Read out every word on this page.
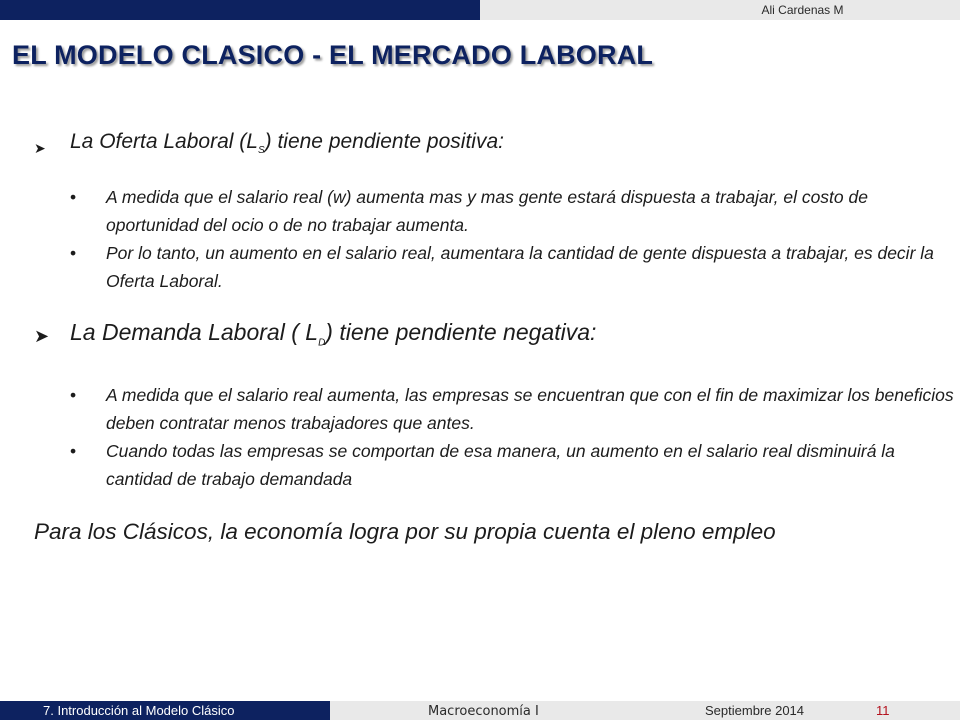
Ali Cardenas M
EL MODELO CLASICO - EL MERCADO LABORAL
➤ La Oferta Laboral $(L_S)$ tiene pendiente positiva:
• A medida que el salario real (w) aumenta mas y mas gente estará dispuesta a trabajar, el costo de oportunidad del ocio o de no trabajar aumenta.
• Por lo tanto, un aumento en el salario real, aumentara la cantidad de gente dispuesta a trabajar, es decir la Oferta Laboral.
➤ La Demanda Laboral ( $L_D$) tiene pendiente negativa:
• A medida que el salario real aumenta, las empresas se encuentran que con el fin de maximizar los beneficios deben contratar menos trabajadores que antes.
• Cuando todas las empresas se comportan de esa manera, un aumento en el salario real disminuirá la cantidad de trabajo demandada

Para los Clásicos, la economía logra por su propia cuenta el pleno empleo

7. Introducción al Modelo Clásico	Macroeconomía I	Septiembre 2014	11
